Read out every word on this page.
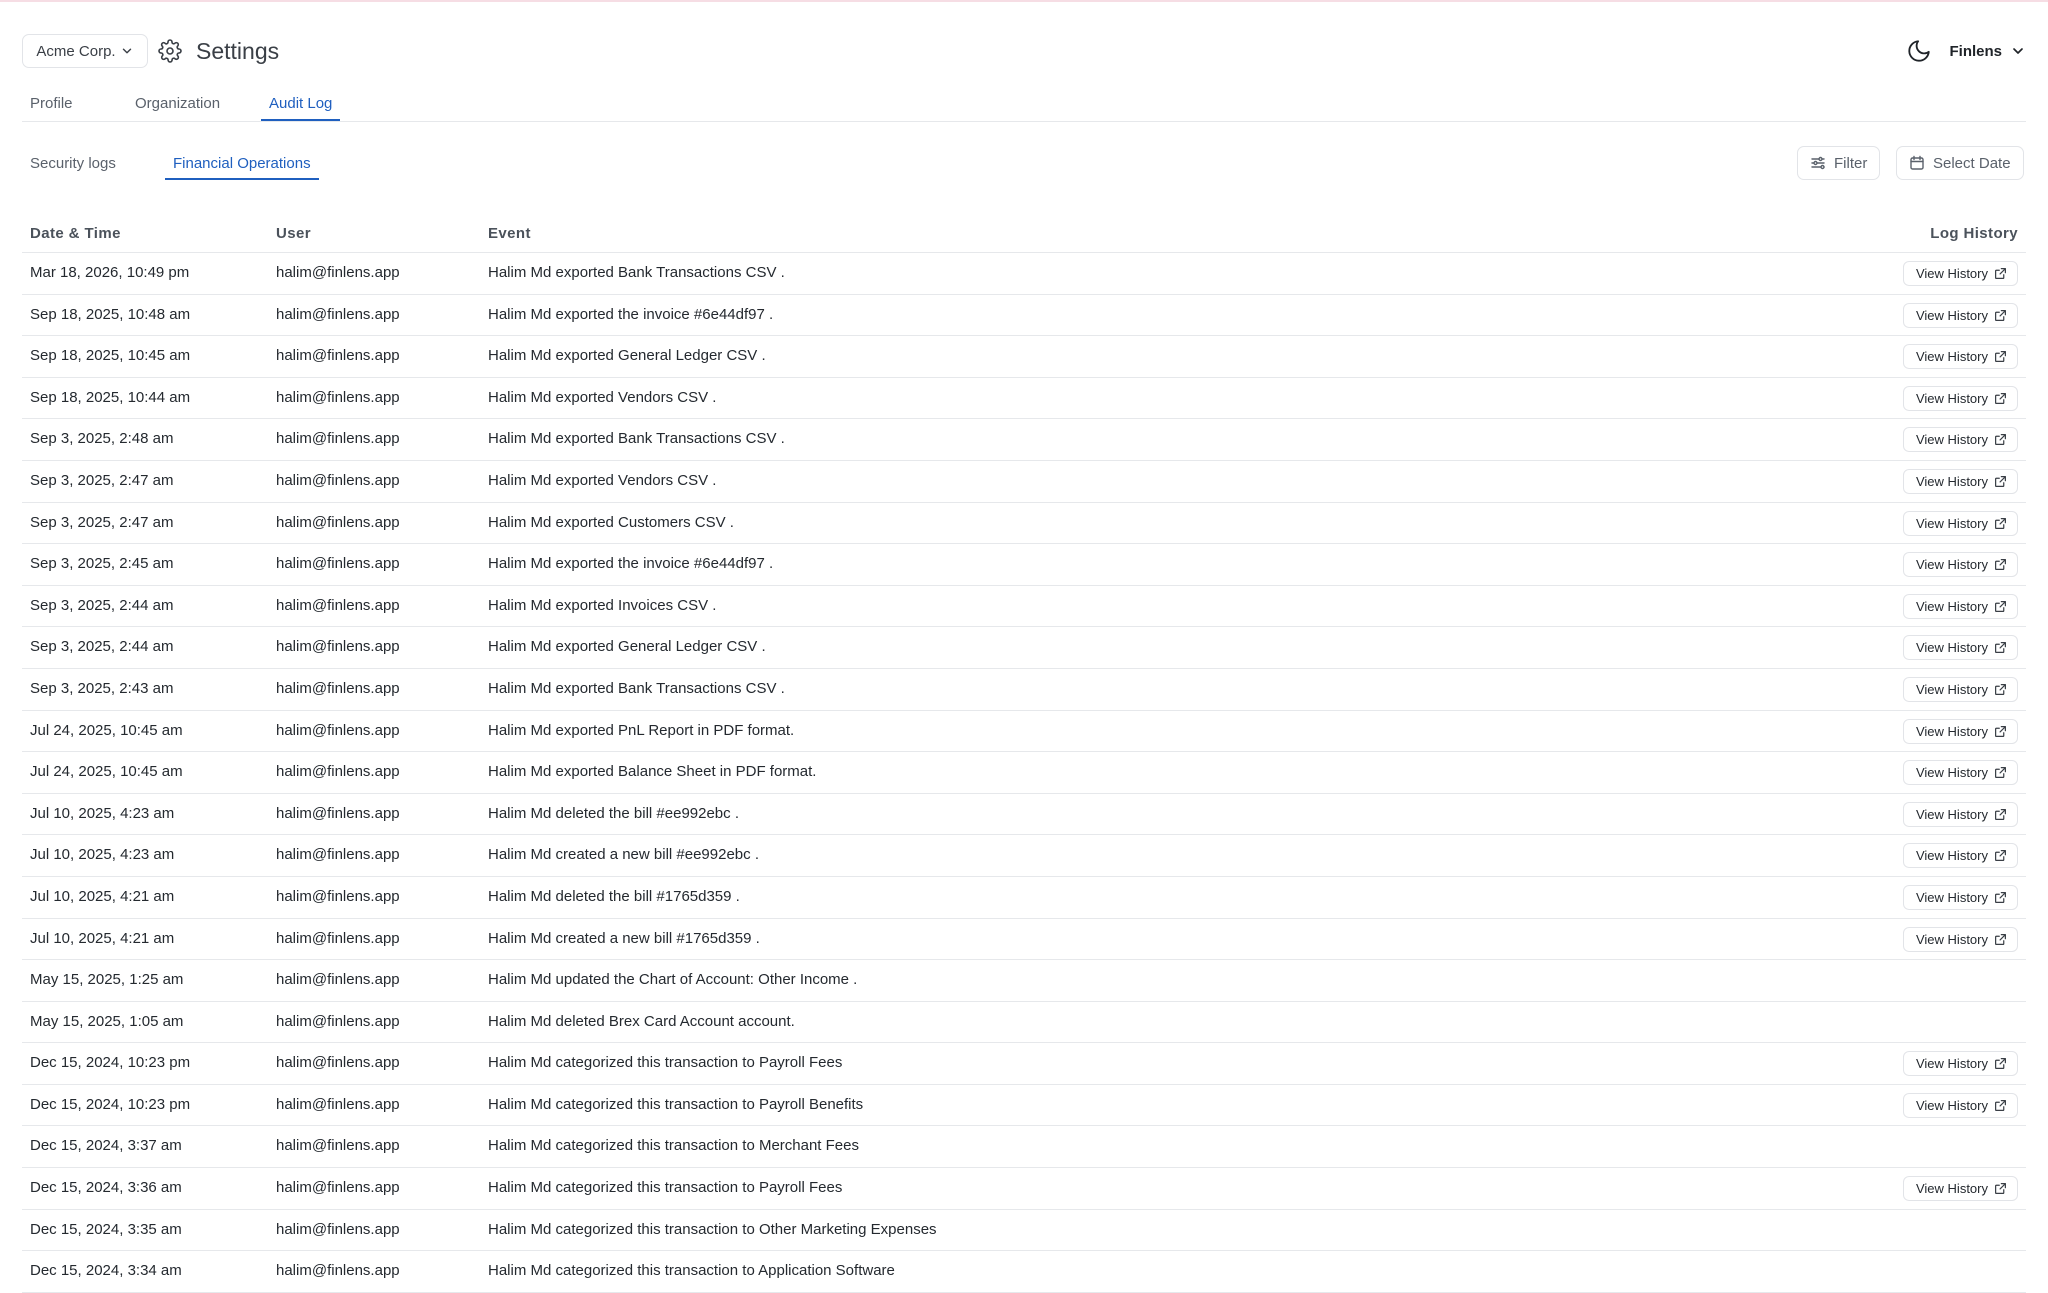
Acme Corp.	Settings	Finlens
Profile	Organization	Audit Log
Security logs	Financial Operations	Filter	Select Date
Date & Time	User	Event	Log History
Mar 18, 2026, 10:49 pm	halim@finlens.app	Halim Md exported Bank Transactions CSV .	View History
Sep 18, 2025, 10:48 am	halim@finlens.app	Halim Md exported the invoice #6e44df97 .	View History
Sep 18, 2025, 10:45 am	halim@finlens.app	Halim Md exported General Ledger CSV .	View History
Sep 18, 2025, 10:44 am	halim@finlens.app	Halim Md exported Vendors CSV .	View History
Sep 3, 2025, 2:48 am	halim@finlens.app	Halim Md exported Bank Transactions CSV .	View History
Sep 3, 2025, 2:47 am	halim@finlens.app	Halim Md exported Vendors CSV .	View History
Sep 3, 2025, 2:47 am	halim@finlens.app	Halim Md exported Customers CSV .	View History
Sep 3, 2025, 2:45 am	halim@finlens.app	Halim Md exported the invoice #6e44df97 .	View History
Sep 3, 2025, 2:44 am	halim@finlens.app	Halim Md exported Invoices CSV .	View History
Sep 3, 2025, 2:44 am	halim@finlens.app	Halim Md exported General Ledger CSV .	View History
Sep 3, 2025, 2:43 am	halim@finlens.app	Halim Md exported Bank Transactions CSV .	View History
Jul 24, 2025, 10:45 am	halim@finlens.app	Halim Md exported PnL Report in PDF format.	View History
Jul 24, 2025, 10:45 am	halim@finlens.app	Halim Md exported Balance Sheet in PDF format.	View History
Jul 10, 2025, 4:23 am	halim@finlens.app	Halim Md deleted the bill #ee992ebc .	View History
Jul 10, 2025, 4:23 am	halim@finlens.app	Halim Md created a new bill #ee992ebc .	View History
Jul 10, 2025, 4:21 am	halim@finlens.app	Halim Md deleted the bill #1765d359 .	View History
Jul 10, 2025, 4:21 am	halim@finlens.app	Halim Md created a new bill #1765d359 .	View History
May 15, 2025, 1:25 am	halim@finlens.app	Halim Md updated the Chart of Account: Other Income .
May 15, 2025, 1:05 am	halim@finlens.app	Halim Md deleted Brex Card Account account.
Dec 15, 2024, 10:23 pm	halim@finlens.app	Halim Md categorized this transaction to Payroll Fees	View History
Dec 15, 2024, 10:23 pm	halim@finlens.app	Halim Md categorized this transaction to Payroll Benefits	View History
Dec 15, 2024, 3:37 am	halim@finlens.app	Halim Md categorized this transaction to Merchant Fees
Dec 15, 2024, 3:36 am	halim@finlens.app	Halim Md categorized this transaction to Payroll Fees	View History
Dec 15, 2024, 3:35 am	halim@finlens.app	Halim Md categorized this transaction to Other Marketing Expenses
Dec 15, 2024, 3:34 am	halim@finlens.app	Halim Md categorized this transaction to Application Software
